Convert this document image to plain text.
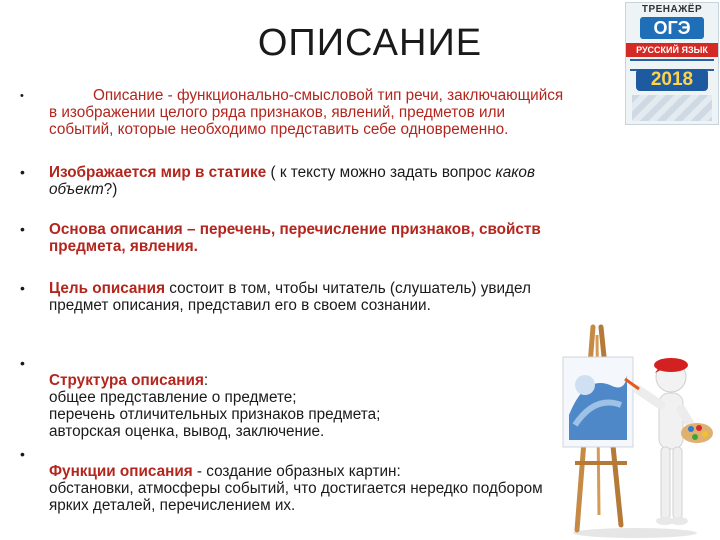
ОПИСАНИЕ
•	Описание - функционально-смысловой тип речи, заключающийся в изображении целого ряда признаков, явлений, предметов или событий, которые необходимо представить себе одновременно.
• Изображается мир в статике ( к тексту можно задать вопрос каков объект?)
• Основа описания – перечень, перечисление признаков, свойств предмета, явления.
• Цель описания состоит в том, чтобы читатель (слушатель) увидел предмет описания, представил его в своем сознании.
•

Структура описания:
общее представление о предмете;
перечень отличительных признаков предмета;
авторская оценка, вывод, заключение.

•

Функции описания - создание образных картин:
обстановки, атмосферы событий, что достигается нередко подбором ярких деталей, перечислением их.

ТРЕНАЖЁР
ОГЭ
РУССКИЙ ЯЗЫК
2018
